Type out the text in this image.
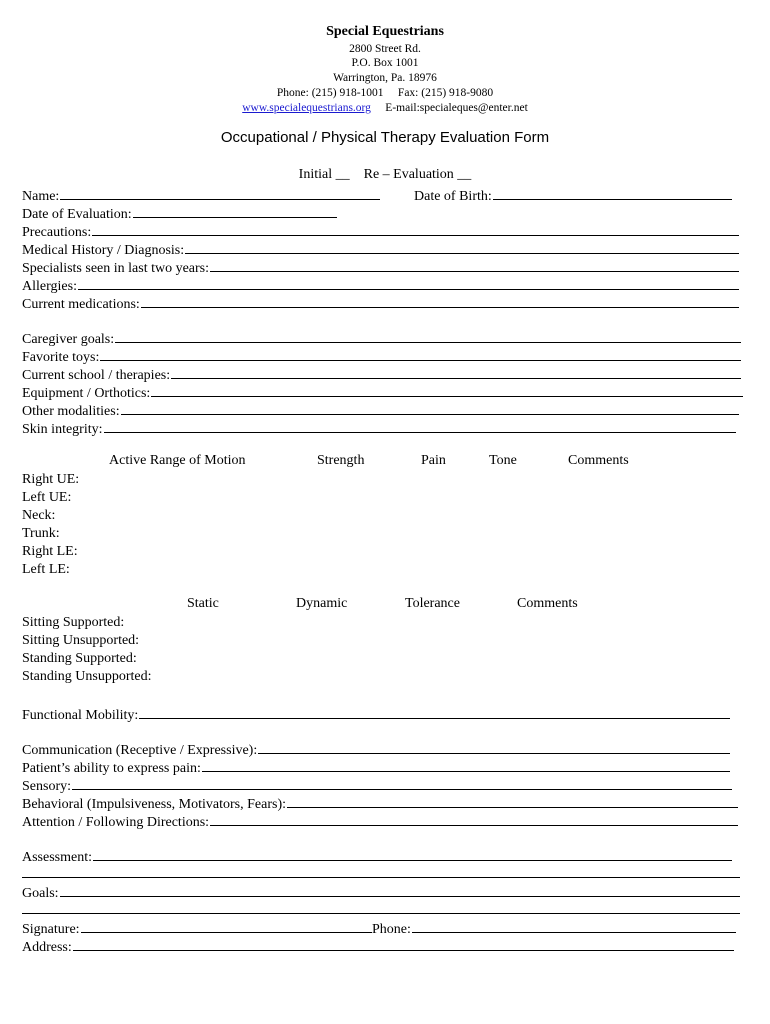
Special Equestrians
2800 Street Rd.
P.O. Box 1001
Warrington, Pa. 18976
Phone: (215) 918-1001     Fax: (215) 918-9080
www.specialequestrians.org E-mail:specialeques@enter.net
Occupational / Physical Therapy Evaluation Form
Initial __    Re – Evaluation __
Name:	Date of Birth:
Date of Evaluation:
Precautions:
Medical History / Diagnosis:
Specialists seen in last two years:
Allergies:
Current medications:
Caregiver goals:
Favorite toys:
Current school / therapies:
Equipment / Orthotics:
Other modalities:
Skin integrity:
Active Range of Motion	Strength	Pain	Tone	Comments
Right UE:
Left UE:
Neck:
Trunk:
Right LE:
Left LE:
Static	Dynamic	Tolerance	Comments
Sitting Supported:
Sitting Unsupported:
Standing Supported:
Standing Unsupported:
Functional Mobility:
Communication (Receptive / Expressive):
Patient’s ability to express pain:
Sensory:
Behavioral (Impulsiveness, Motivators, Fears):
Attention / Following Directions:
Assessment:
Goals:
Signature:	Phone:
Address:
